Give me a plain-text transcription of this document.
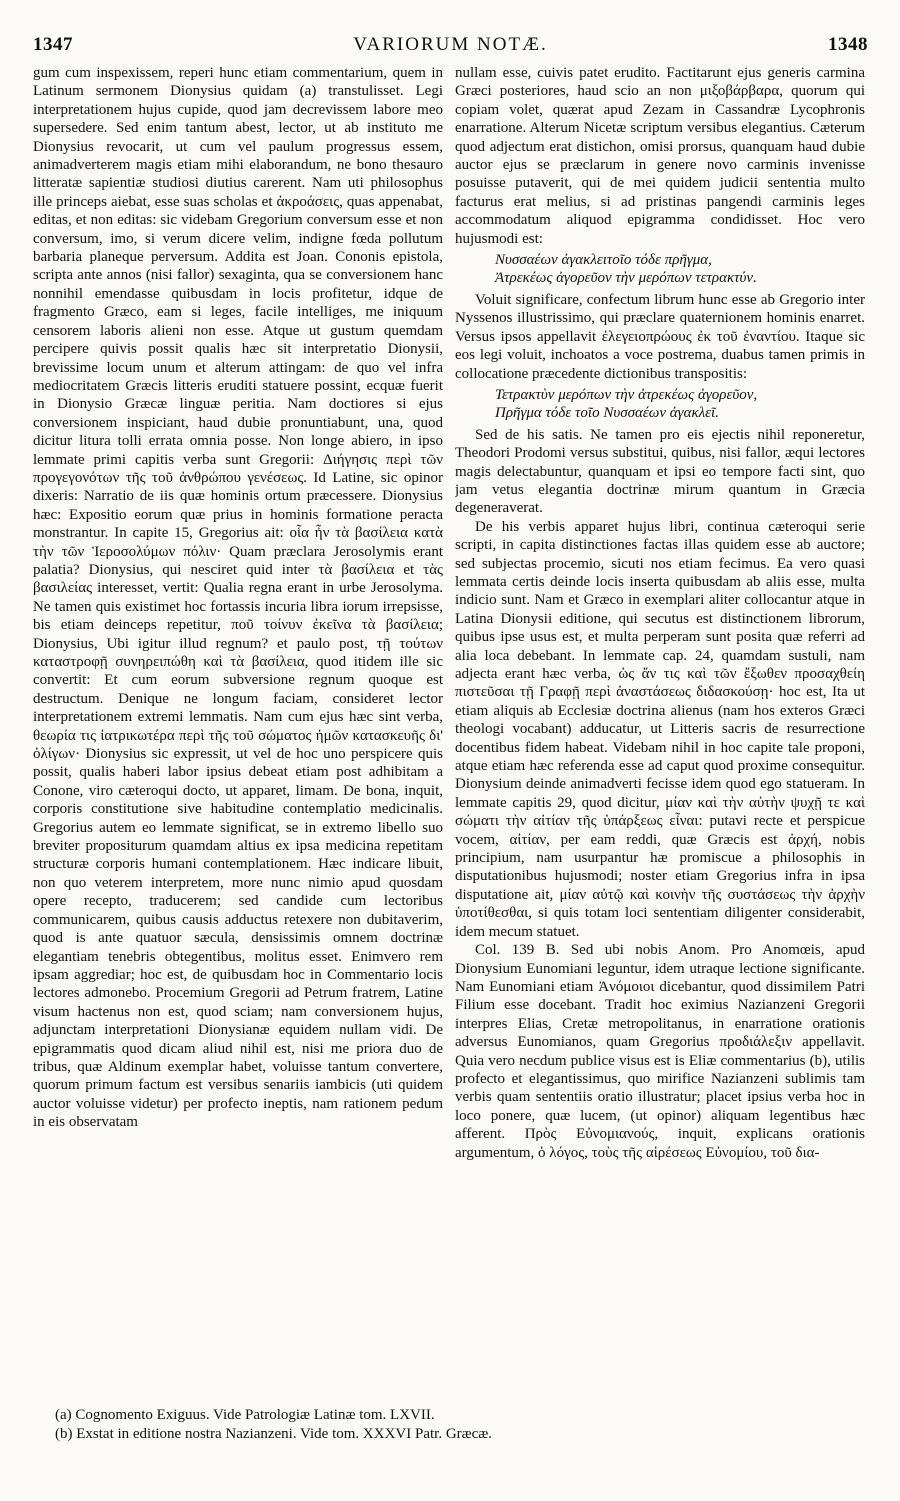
1347	VARIORUM NOTÆ.	1348

gum cum inspexissem, reperi hunc etiam commentarium, quem in Latinum sermonem Dionysius quidam (a) transtulisset. Legi interpretationem hujus cupide, quod jam decrevissem labore meo supersedere. Sed enim tantum abest, lector, ut ab instituto me Dionysius revocarit, ut cum vel paulum progressus essem, animadverterem magis etiam mihi elaborandum, ne bono thesauro litteratæ sapientiæ studiosi diutius carerent. Nam uti philosophus ille princeps aiebat, esse suas scholas et ἀκροάσεις, quas appenabat, editas, et non editas: sic videbam Gregorium conversum esse et non conversum, imo, si verum dicere velim, indigne fœda pollutum barbaria planeque perversum. Addita est Joan. Cononis epistola, scripta ante annos (nisi fallor) sexaginta, qua se conversionem hanc nonnihil emendasse quibusdam in locis profitetur, idque de fragmento Græco, eam si leges, facile intelliges, me iniquum censorem laboris alieni non esse. Atque ut gustum quemdam percipere quivis possit qualis hæc sit interpretatio Dionysii, brevissime locum unum et alterum attingam: de quo vel infra mediocritatem Græcis litteris eruditi statuere possint, ecquæ fuerit in Dionysio Græcæ linguæ peritia. Nam doctiores si ejus conversionem inspiciant, haud dubie pronuntiabunt, una, quod dicitur litura tolli errata omnia posse. Non longe abiero, in ipso lemmate primi capitis verba sunt Gregorii: Διήγησις περὶ τῶν προγεγονότων τῆς τοῦ ἀνθρώπου γενέσεως. Id Latine, sic opinor dixeris: Narratio de iis quæ hominis ortum præcessere. Dionysius hæc: Expositio eorum quæ prius in hominis formatione peracta monstrantur. In capite 15, Gregorius ait: οἷα ἦν τὰ βασίλεια κατὰ τὴν τῶν Ἱεροσολύμων πόλιν· Quam præclara Jerosolymis erant palatia? Dionysius, qui nesciret quid inter τὰ βασίλεια et τὰς βασιλείας interesset, vertit: Qualia regna erant in urbe Jerosolyma. Ne tamen quis existimet hoc fortassis incuria libra iorum irrepsisse, bis etiam deinceps repetitur, ποῦ τοίνυν ἐκεῖνα τὰ βασίλεια; Dionysius, Ubi igitur illud regnum? et paulo post, τῇ τούτων καταστροφῇ συνηρειπώθη καὶ τὰ βασίλεια, quod itidem ille sic convertit: Et cum eorum subversione regnum quoque est destructum. Denique ne longum faciam, consideret lector interpretationem extremi lemmatis. Nam cum ejus hæc sint verba, θεωρία τις ἰατρικωτέρα περὶ τῆς τοῦ σώματος ἡμῶν κατασκευῆς δι' ὀλίγων· Dionysius sic expressit, ut vel de hoc uno perspicere quis possit, qualis haberi labor ipsius debeat etiam post adhibitam a Conone, viro cæteroqui docto, ut apparet, limam. De bona, inquit, corporis constitutione sive habitudine contemplatio medicinalis. Gregorius autem eo lemmate significat, se in extremo libello suo breviter propositurum quamdam altius ex ipsa medicina repetitam structuræ corporis humani contemplationem. Hæc indicare libuit, non quo veterem interpretem, more nunc nimio apud quosdam opere recepto, traducerem; sed candide cum lectoribus communicarem, quibus causis adductus retexere non dubitaverim, quod is ante quatuor sæcula, densissimis omnem doctrinæ elegantiam tenebris obtegentibus, molitus esset. Enimvero rem ipsam aggrediar; hoc est, de quibusdam hoc in Commentario locis lectores admonebo. Procemium Gregorii ad Petrum fratrem, Latine visum hactenus non est, quod sciam; nam conversionem hujus, adjunctam interpretationi Dionysianæ equidem nullam vidi. De epigrammatis quod dicam aliud nihil est, nisi me priora duo de tribus, quæ Aldinum exemplar habet, voluisse tantum convertere, quorum primum factum est versibus senariis iambicis (uti quidem auctor voluisse videtur) per profecto ineptis, nam rationem pedum in eis observatam

nullam esse, cuivis patet erudito. Factitarunt ejus generis carmina Græci posteriores, haud scio an non μιξοβάρβαρα, quorum qui copiam volet, quærat apud Zezam in Cassandræ Lycophronis enarratione. Alterum Nicetæ scriptum versibus elegantius. Cæterum quod adjectum erat distichon, omisi prorsus, quanquam haud dubie auctor ejus se præclarum in genere novo carminis invenisse posuisse putaverit, qui de mei quidem judicii sententia multo facturus erat melius, si ad pristinas pangendi carminis leges accommodatum aliquod epigramma condidisset. Hoc vero hujusmodi est:

Νυσσαέων ἀγακλειτοῖο τόδε πρῆγμα,
Ἀτρεκέως ἀγορεῦον τὴν μερόπων τετρακτύν.

Voluit significare, confectum librum hunc esse ab Gregorio inter Nyssenos illustrissimo, qui præclare quaternionem hominis enarret. Versus ipsos appellavit ἐλεγειοπρώους ἐκ τοῦ ἐναντίου. Itaque sic eos legi voluit, inchoatos a voce postrema, duabus tamen primis in collocatione præcedente dictionibus transpositis:

Τετρακτὺν μερόπων τὴν ἀτρεκέως ἀγορεῦον,
Πρῆγμα τόδε τοῖο Νυσσαέων ἀγακλεῖ.

Sed de his satis. Ne tamen pro eis ejectis nihil reponeretur, Theodori Prodomi versus substitui, quibus, nisi fallor, æqui lectores magis delectabuntur, quanquam et ipsi eo tempore facti sint, quo jam vetus elegantia doctrinæ mirum quantum in Græcia degeneraverat.

De his verbis apparet hujus libri, continua cæteroqui serie scripti, in capita distinctiones factas illas quidem esse ab auctore; sed subjectas procemio, sicuti nos etiam fecimus. Ea vero quasi lemmata certis deinde locis inserta quibusdam ab aliis esse, multa indicio sunt. Nam et Græco in exemplari aliter collocantur atque in Latina Dionysii editione, qui secutus est distinctionem librorum, quibus ipse usus est, et multa perperam sunt posita quæ referri ad alia loca debebant. In lemmate cap. 24, quamdam sustuli, nam adjecta erant hæc verba, ὡς ἄν τις καὶ τῶν ἔξωθεν προσαχθείη πιστεῦσαι τῇ Γραφῇ περὶ ἀναστάσεως διδασκούσῃ· hoc est, Ita ut etiam aliquis ab Ecclesiæ doctrina alienus (nam hos exteros Græci theologi vocabant) adducatur, ut Litteris sacris de resurrectione docentibus fidem habeat. Videbam nihil in hoc capite tale proponi, atque etiam hæc referenda esse ad caput quod proxime consequitur. Dionysium deinde animadverti fecisse idem quod ego statueram. In lemmate capitis 29, quod dicitur, μίαν καὶ τὴν αὐτὴν ψυχῇ τε καὶ σώματι τὴν αἰτίαν τῆς ὑπάρξεως εἶναι: putavi recte et perspicue vocem, αἰτίαν, per eam reddi, quæ Græcis est ἀρχή, nobis principium, nam usurpantur hæ promiscue a philosophis in disputationibus hujusmodi; noster etiam Gregorius infra in ipsa disputatione ait, μίαν αὐτῷ καὶ κοινὴν τῆς συστάσεως τὴν ἀρχὴν ὑποτίθεσθαι, si quis totam loci sententiam diligenter considerabit, idem mecum statuet.

Col. 139 B. Sed ubi nobis Anom. Pro Anomœis, apud Dionysium Eunomiani leguntur, idem utraque lectione significante. Nam Eunomiani etiam Ἀνόμοιοι dicebantur, quod dissimilem Patri Filium esse docebant. Tradit hoc eximius Nazianzeni Gregorii interpres Elias, Cretæ metropolitanus, in enarratione orationis adversus Eunomianos, quam Gregorius προδιάλεξιν appellavit. Quia vero necdum publice visus est is Eliæ commentarius (b), utilis profecto et elegantissimus, quo mirifice Nazianzeni sublimis tam verbis quam sententiis oratio illustratur; placet ipsius verba hoc in loco ponere, quæ lucem, (ut opinor) aliquam legentibus hæc afferent. Πρὸς Εὐνομιανούς, inquit, explicans orationis argumentum, ὁ λόγος, τοὺς τῆς αἱρέσεως Εὐνομίου, τοῦ δια-

(a) Cognomento Exiguus. Vide Patrologiæ Latinæ tom. LXVII.
(b) Exstat in editione nostra Nazianzeni. Vide tom. XXXVI Patr. Græcæ.
